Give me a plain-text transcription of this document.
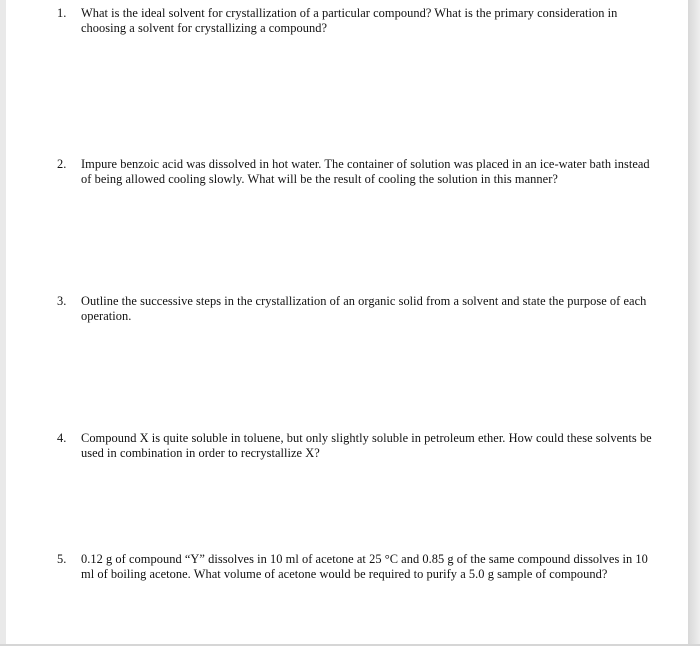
1. What is the ideal solvent for crystallization of a particular compound? What is the primary consideration in choosing a solvent for crystallizing a compound?
2. Impure benzoic acid was dissolved in hot water. The container of solution was placed in an ice-water bath instead of being allowed cooling slowly. What will be the result of cooling the solution in this manner?
3. Outline the successive steps in the crystallization of an organic solid from a solvent and state the purpose of each operation.
4. Compound X is quite soluble in toluene, but only slightly soluble in petroleum ether. How could these solvents be used in combination in order to recrystallize X?
5. 0.12 g of compound “Y” dissolves in 10 ml of acetone at 25 °C and 0.85 g of the same compound dissolves in 10 ml of boiling acetone. What volume of acetone would be required to purify a 5.0 g sample of compound?
